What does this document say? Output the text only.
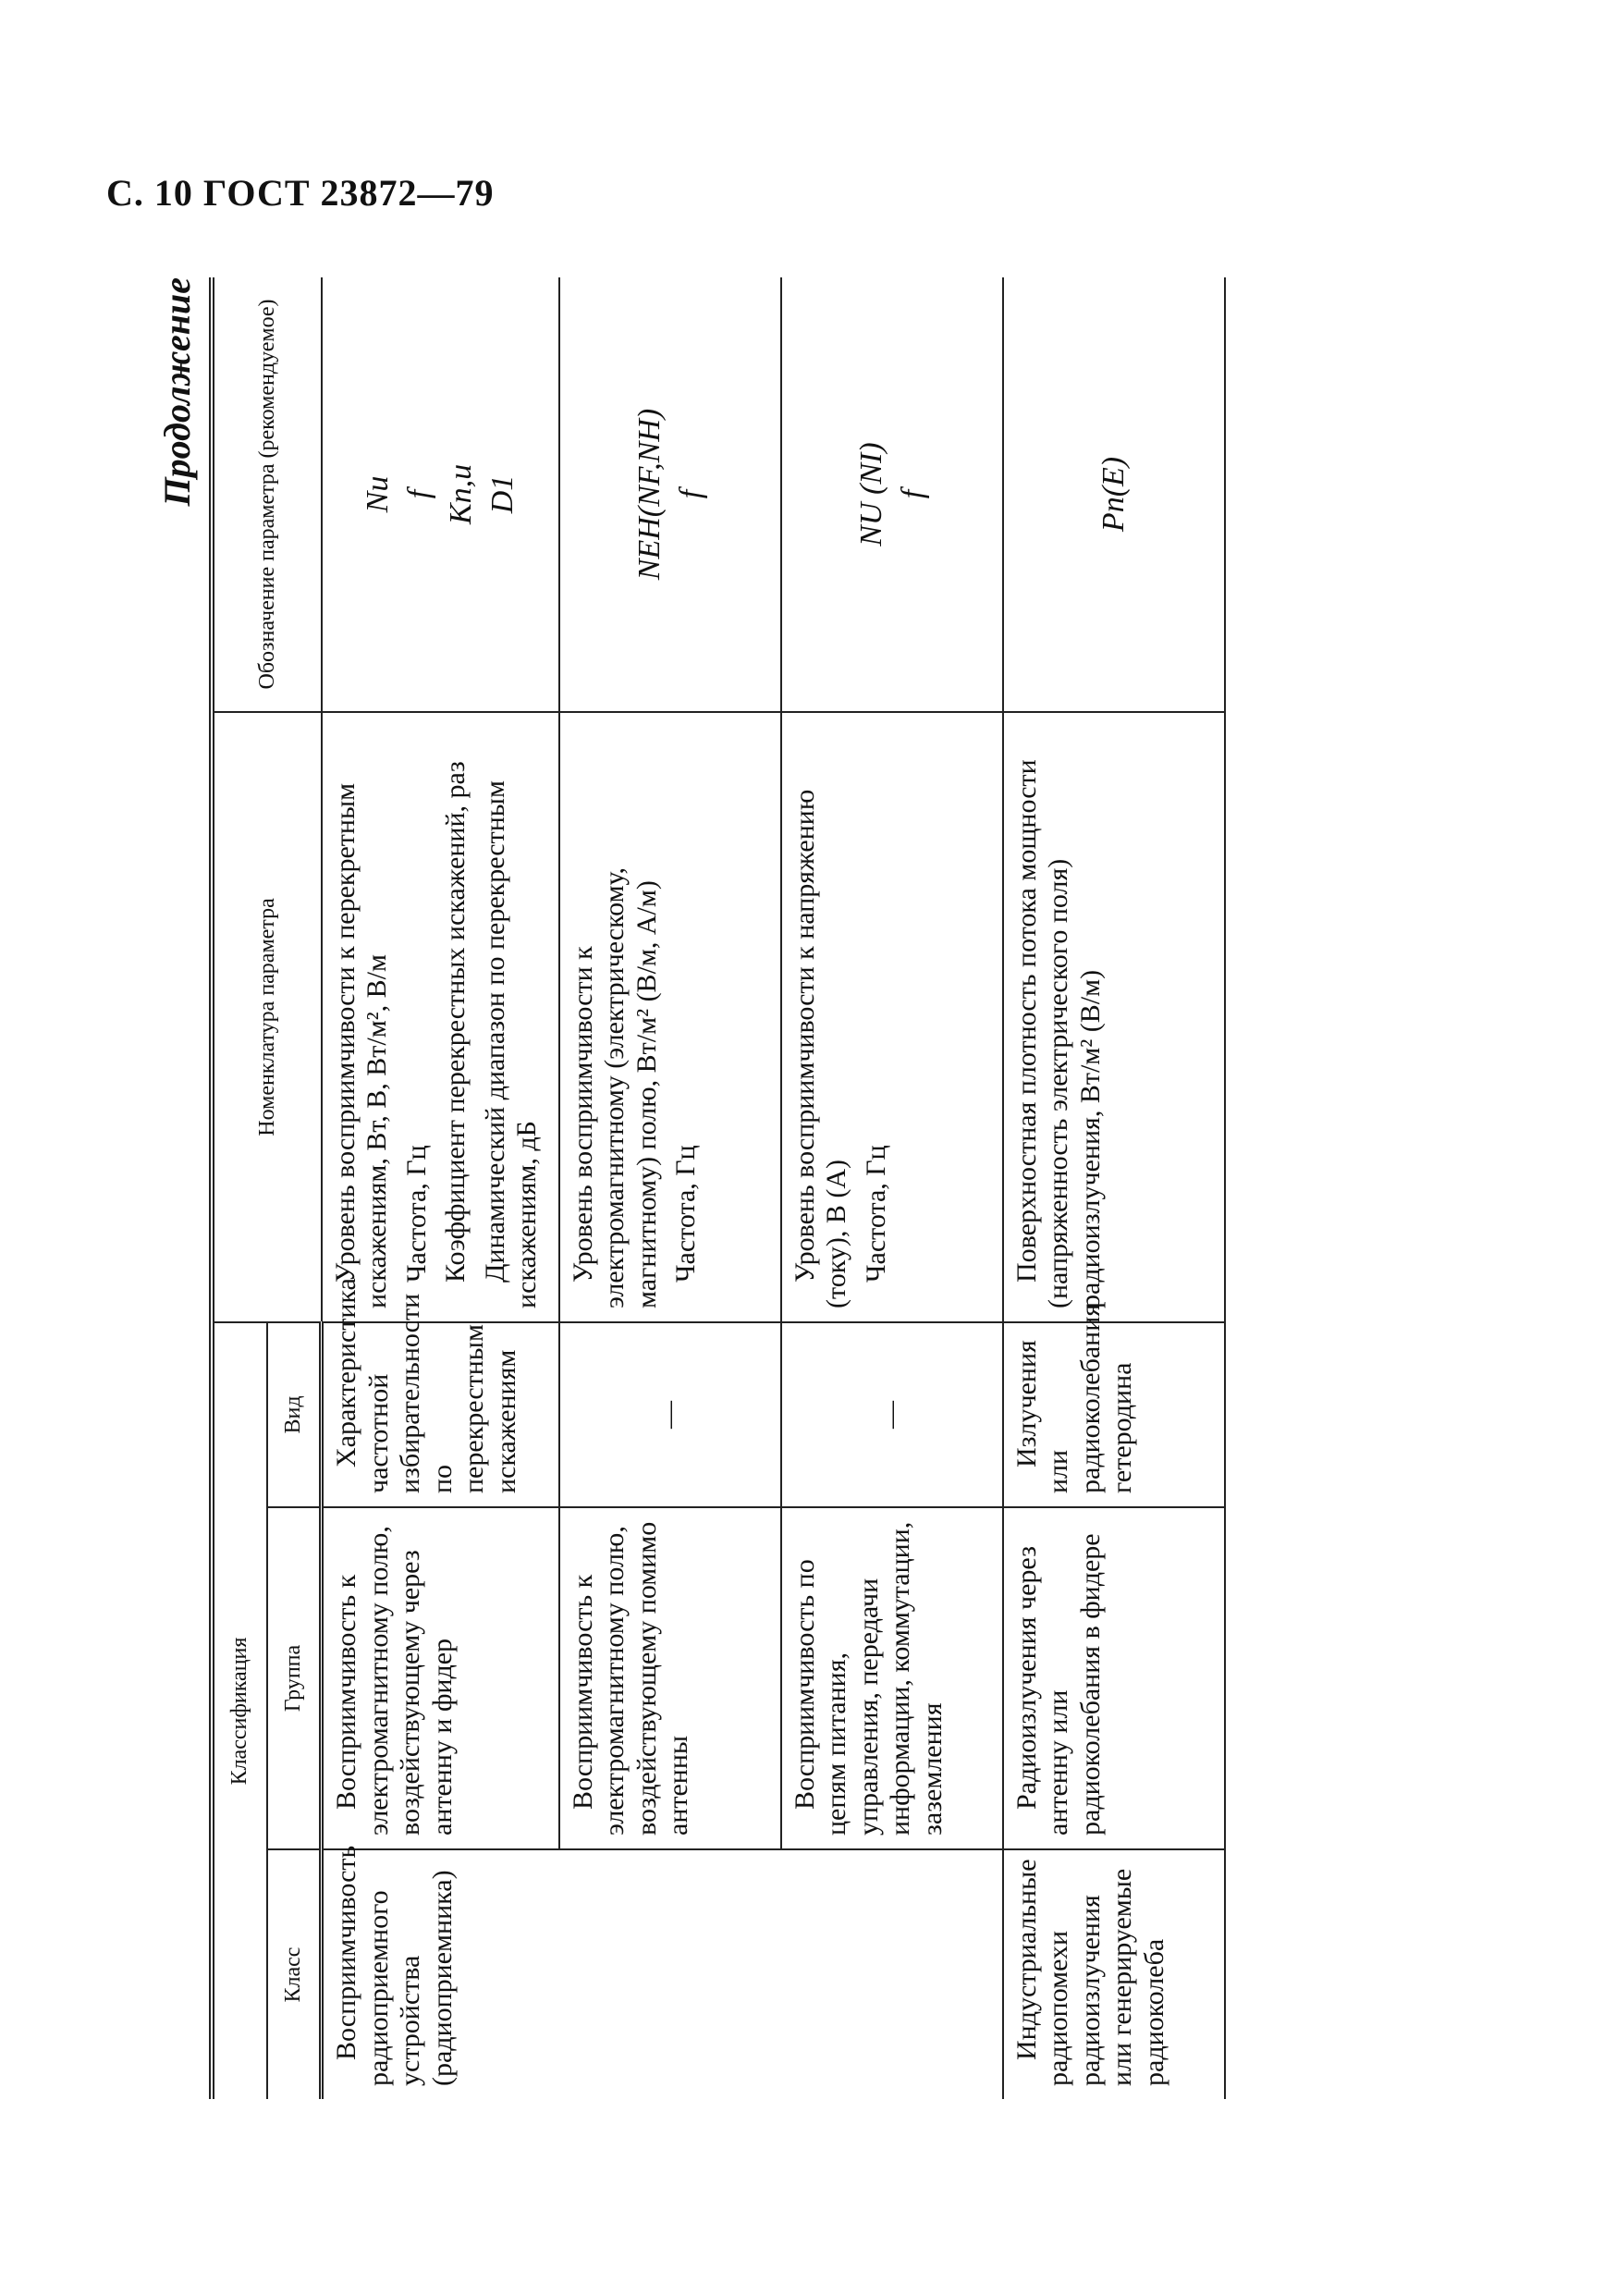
С. 10 ГОСТ 23872—79
Продолжение
Классификация			Номенклатура параметра	Обозначение параметра (рекомендуемое)
Класс	Группа	Вид		
Восприимчивость радиоприемного устройства (радиоприемника)	Восприимчивость к электромагнитному полю, воздействующему через антенну и фидер	Характеристика частотной избирательности по перекрестным искажениям	Уровень восприимчивости к перекретным искажениям, Вт, В, Вт/м², В/м Частота, Гц Коэффициент перекрестных искажений, раз Динамический диапазон по перекрестным искажениям, дБ	Nи f Kп,и D1

	Восприимчивость к электромагнитному полю, воздействующему помимо антенны	—	Уровень восприимчивости к электромагнитному (электрическому, магнитному) полю, Вт/м² (В/м, А/м) Частота, Гц	NEH(NF,NH) f

	Восприимчивость по цепям питания, управления, передачи информации, коммутации, заземления	—	Уровень восприимчивости к напряжению (току), В (А) Частота, Гц	NU (NI) f

Индустриальные радиопомехи радиоизлучения или генерируемые радиоколеба	Радиоизлучения через антенну или радиоколебания в фидере	Излучения или радиоколебания гетеродина	Поверхностная плотность потока мощности (напряженность электрического поля) радиоизлучения, Вт/м² (В/м)	Pп(E)
